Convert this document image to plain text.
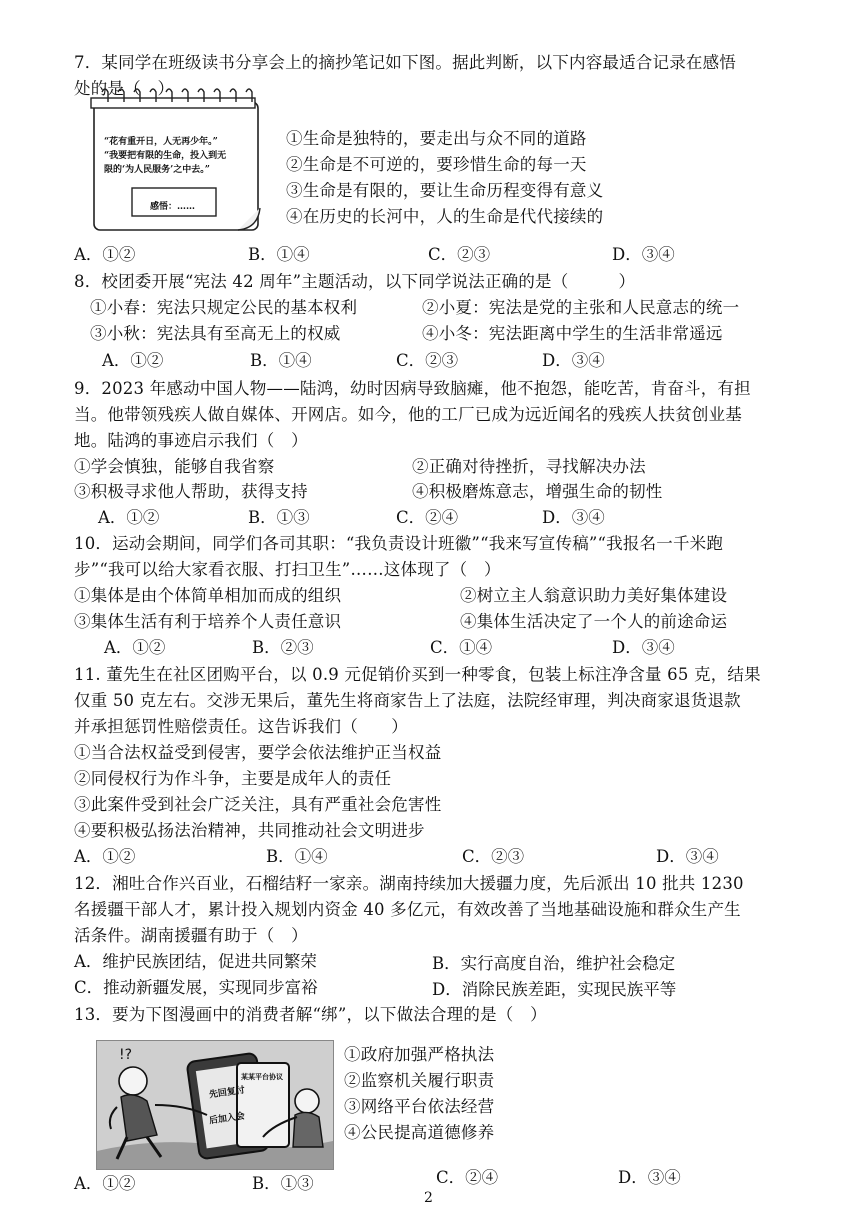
7．某同学在班级读书分享会上的摘抄笔记如下图。据此判断，以下内容最适合记录在感悟
处的是（　）
“花有重开日，人无再少年。”
“我要把有限的生命，投入到无
限的‘为人民服务’之中去。”
感悟：……
①生命是独特的，要走出与众不同的道路
②生命是不可逆的，要珍惜生命的每一天
③生命是有限的，要让生命历程变得有意义
④在历史的长河中，人的生命是代代接续的
A．①②	B．①④	C．②③	D．③④
8．校团委开展“宪法 42 周年”主题活动，以下同学说法正确的是（　　　）
①小春：宪法只规定公民的基本权利	②小夏：宪法是党的主张和人民意志的统一
③小秋：宪法具有至高无上的权威	④小冬：宪法距离中学生的生活非常遥远
A．①②	B．①④	C．②③	D．③④
9．2023 年感动中国人物——陆鸿，幼时因病导致脑瘫，他不抱怨，能吃苦，肯奋斗，有担
当。他带领残疾人做自媒体、开网店。如今，他的工厂已成为远近闻名的残疾人扶贫创业基
地。陆鸿的事迹启示我们（　）
①学会慎独，能够自我省察	②正确对待挫折，寻找解决办法
③积极寻求他人帮助，获得支持	④积极磨炼意志，增强生命的韧性
A．①②	B．①③	C．②④	D．③④
10．运动会期间，同学们各司其职：“我负责设计班徽”“我来写宣传稿”“我报名一千米跑
步”“我可以给大家看衣服、打扫卫生”……这体现了（　）
①集体是由个体简单相加而成的组织	②树立主人翁意识助力美好集体建设
③集体生活有利于培养个人责任意识	④集体生活决定了一个人的前途命运
A．①②	B．②③	C．①④	D．③④
11. 董先生在社区团购平台，以 0.9 元促销价买到一种零食，包装上标注净含量 65 克，结果
仅重 50 克左右。交涉无果后，董先生将商家告上了法庭，法院经审理，判决商家退货退款
并承担惩罚性赔偿责任。这告诉我们（　　）
①当合法权益受到侵害，要学会依法维护正当权益
②同侵权行为作斗争，主要是成年人的责任
③此案件受到社会广泛关注，具有严重社会危害性
④要积极弘扬法治精神，共同推动社会文明进步
A．①②	B．①④	C．②③	D．③④
12．湘吐合作兴百业，石榴结籽一家亲。湖南持续加大援疆力度，先后派出 10 批共 1230
名援疆干部人才，累计投入规划内资金 40 多亿元，有效改善了当地基础设施和群众生产生
活条件。湖南援疆有助于（　）
A．维护民族团结，促进共同繁荣	B．实行高度自治，维护社会稳定
C．推动新疆发展，实现同步富裕	D．消除民族差距，实现民族平等
13．要为下图漫画中的消费者解“绑”，以下做法合理的是（　）
!?
先回复付
后加入会
某某平台协议
①政府加强严格执法
②监察机关履行职责
③网络平台依法经营
④公民提高道德修养
A．①②	B．①③	C．②④	D．③④
2
